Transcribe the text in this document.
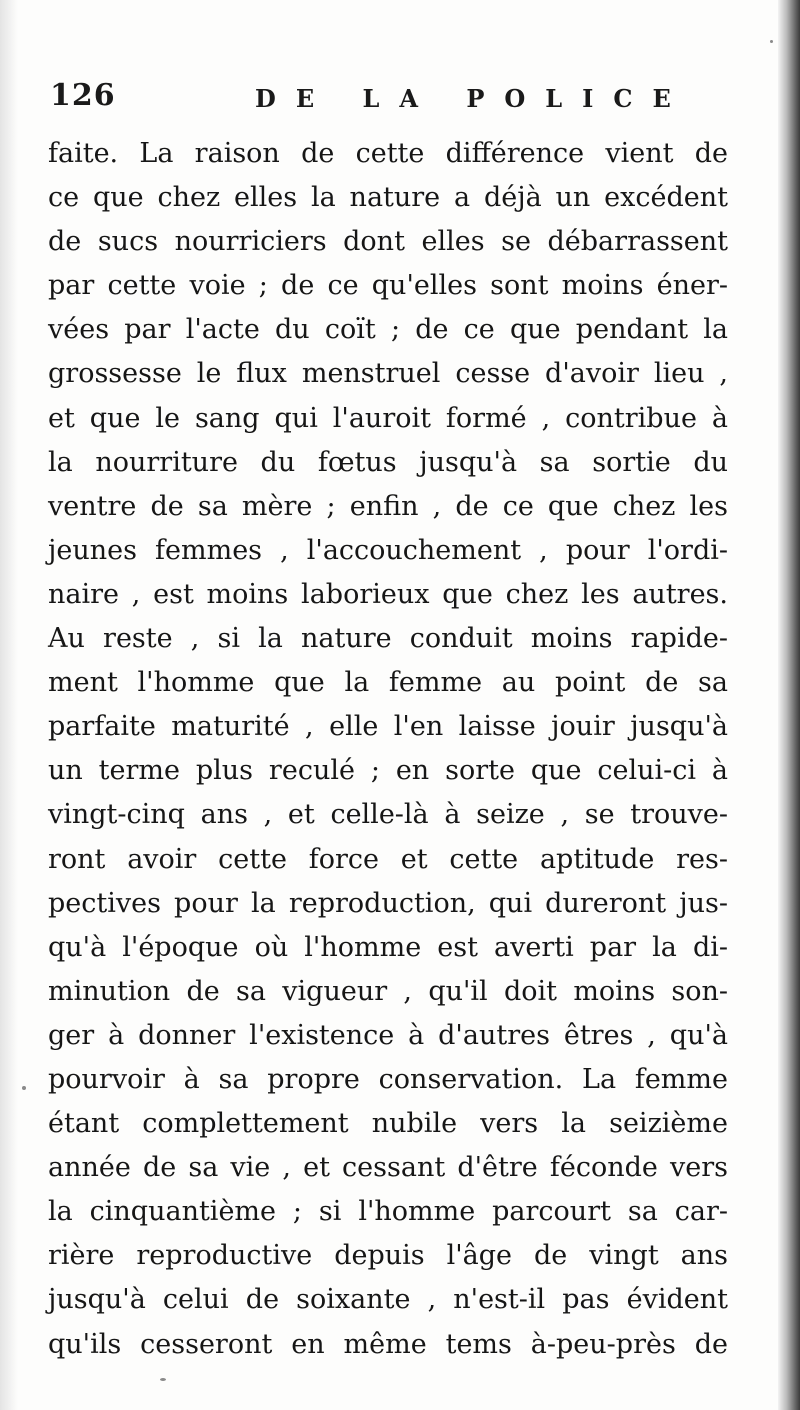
126	DE LA POLICE
faite. La raison de cette différence vient de
ce que chez elles la nature a déjà un excédent
de sucs nourriciers dont elles se débarrassent
par cette voie ; de ce qu'elles sont moins éner-
vées par l'acte du coït ; de ce que pendant la
grossesse le flux menstruel cesse d'avoir lieu ,
et que le sang qui l'auroit formé , contribue à
la nourriture du fœtus jusqu'à sa sortie du
ventre de sa mère ; enfin , de ce que chez les
jeunes femmes , l'accouchement , pour l'ordi-
naire , est moins laborieux que chez les autres.
Au reste , si la nature conduit moins rapide-
ment l'homme que la femme au point de sa
parfaite maturité , elle l'en laisse jouir jusqu'à
un terme plus reculé ; en sorte que celui-ci à
vingt-cinq ans , et celle-là à seize , se trouve-
ront avoir cette force et cette aptitude res-
pectives pour la reproduction, qui dureront jus-
qu'à l'époque où l'homme est averti par la di-
minution de sa vigueur , qu'il doit moins son-
ger à donner l'existence à d'autres êtres , qu'à
pourvoir à sa propre conservation. La femme
étant complettement nubile vers la seizième
année de sa vie , et cessant d'être féconde vers
la cinquantième ; si l'homme parcourt sa car-
rière reproductive depuis l'âge de vingt ans
jusqu'à celui de soixante , n'est-il pas évident
qu'ils cesseront en même tems à-peu-près de
